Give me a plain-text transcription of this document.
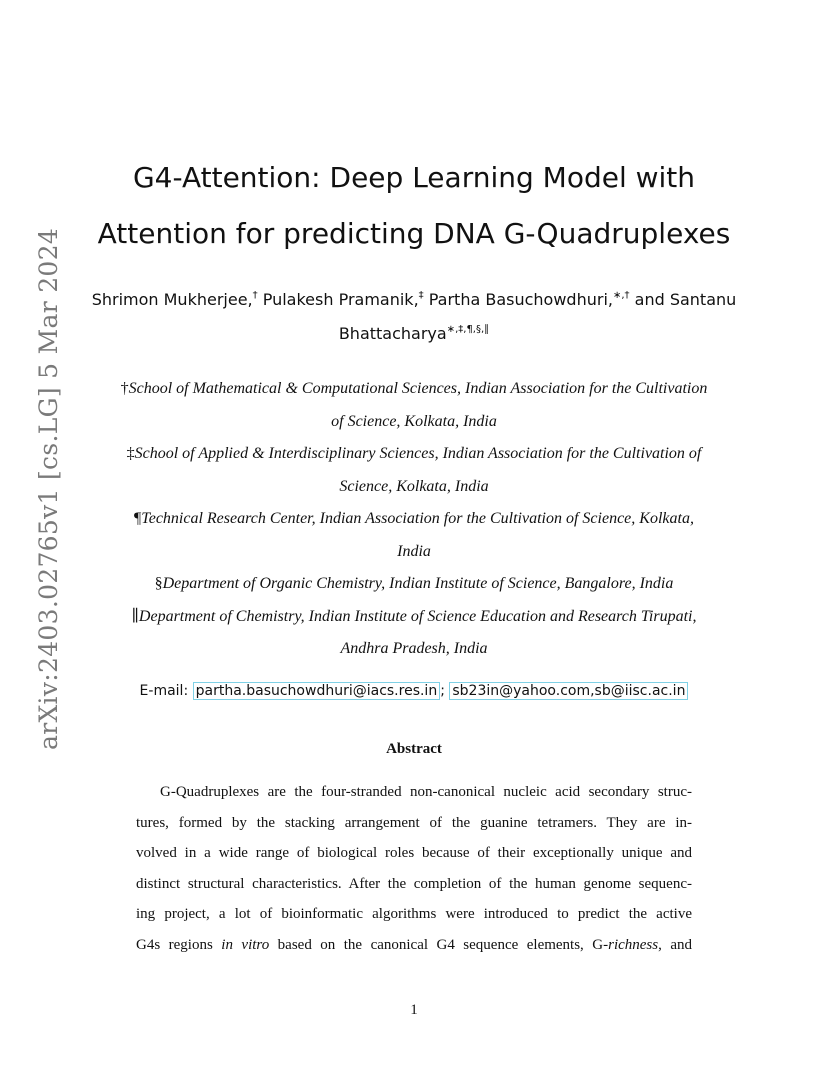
arXiv:2403.02765v1 [cs.LG] 5 Mar 2024
G4-Attention: Deep Learning Model with
Attention for predicting DNA G-Quadruplexes
Shrimon Mukherjee,† Pulakesh Pramanik,‡ Partha Basuchowdhuri,∗,† and Santanu
Bhattacharya∗,‡,¶,§,∥
†School of Mathematical & Computational Sciences, Indian Association for the Cultivation
of Science, Kolkata, India
‡School of Applied & Interdisciplinary Sciences, Indian Association for the Cultivation of
Science, Kolkata, India
¶Technical Research Center, Indian Association for the Cultivation of Science, Kolkata,
India
§Department of Organic Chemistry, Indian Institute of Science, Bangalore, India
∥Department of Chemistry, Indian Institute of Science Education and Research Tirupati,
Andhra Pradesh, India
E-mail: partha.basuchowdhuri@iacs.res.in ; sb23in@yahoo.com,sb@iisc.ac.in
Abstract
G-Quadruplexes are the four-stranded non-canonical nucleic acid secondary struc-
tures, formed by the stacking arrangement of the guanine tetramers. They are in-
volved in a wide range of biological roles because of their exceptionally unique and
distinct structural characteristics. After the completion of the human genome sequenc-
ing project, a lot of bioinformatic algorithms were introduced to predict the active
G4s regions in vitro based on the canonical G4 sequence elements, G-richness, and
1
